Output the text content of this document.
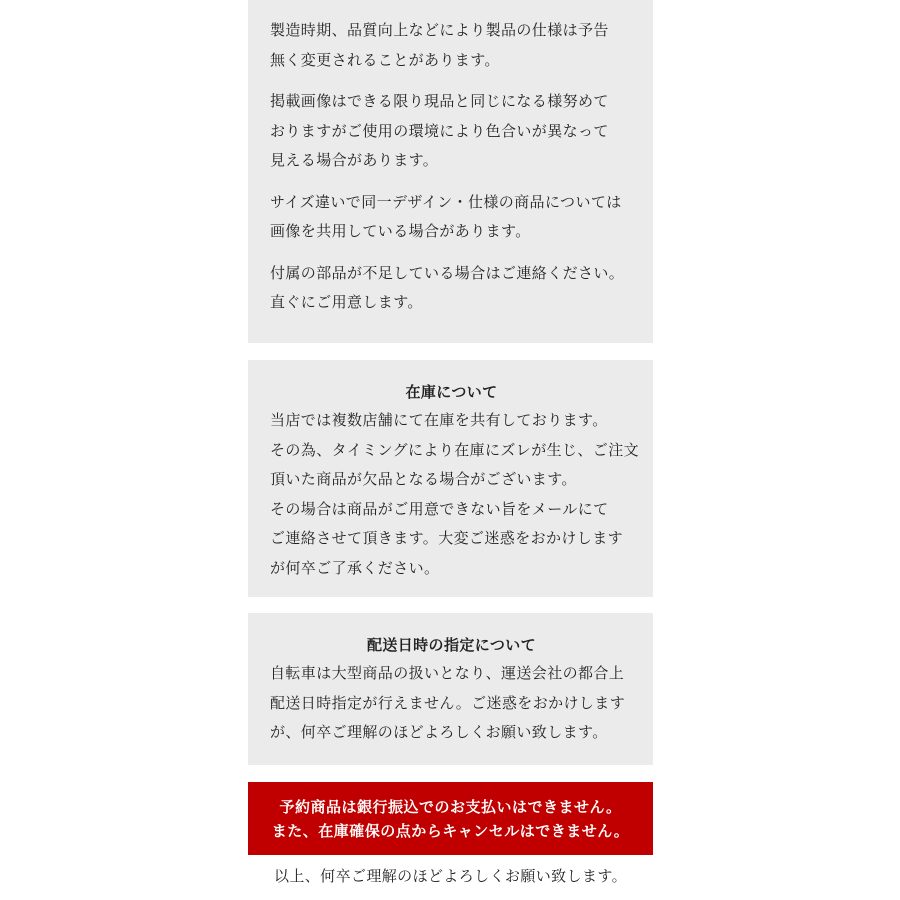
製造時期、品質向上などにより製品の仕様は予告
無く変更されることがあります。

掲載画像はできる限り現品と同じになる様努めて
おりますがご使用の環境により色合いが異なって
見える場合があります。

サイズ違いで同一デザイン・仕様の商品については
画像を共用している場合があります。

付属の部品が不足している場合はご連絡ください。
直ぐにご用意します。

在庫について
当店では複数店舗にて在庫を共有しております。
その為、タイミングにより在庫にズレが生じ、ご注文
頂いた商品が欠品となる場合がございます。
その場合は商品がご用意できない旨をメールにて
ご連絡させて頂きます。大変ご迷惑をおかけします
が何卒ご了承ください。
配送日時の指定について
自転車は大型商品の扱いとなり、運送会社の都合上
配送日時指定が行えません。ご迷惑をおかけします
が、何卒ご理解のほどよろしくお願い致します。
予約商品は銀行振込でのお支払いはできません。
また、在庫確保の点からキャンセルはできません。
以上、何卒ご理解のほどよろしくお願い致します。
